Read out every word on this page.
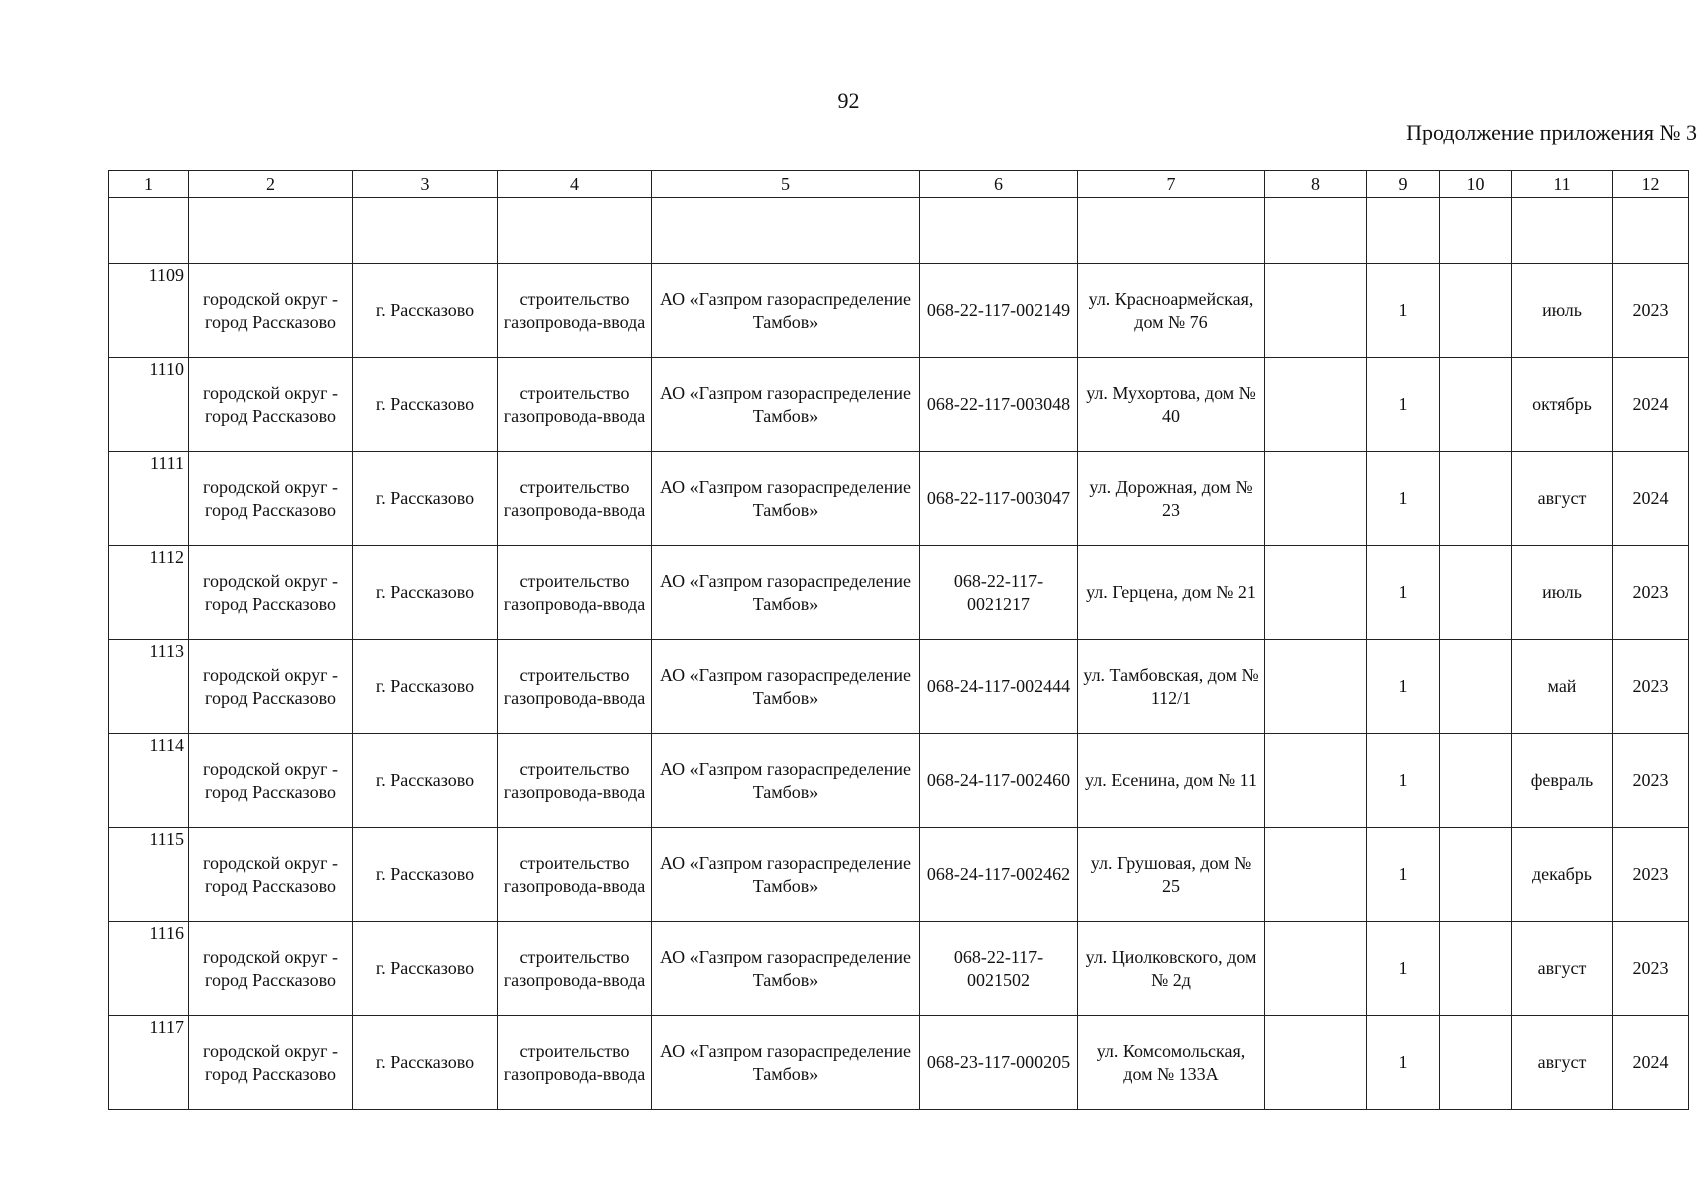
92
Продолжение приложения № 3
1	2	3	4	5	6	7	8	9	10	11	12

1109	городской округ - город Рассказово	г. Рассказово	строительство газопровода-ввода	АО «Газпром газораспределение Тамбов»	068-22-117-002149	ул. Красноармейская, дом № 76		1		июль	2023
1110	городской округ - город Рассказово	г. Рассказово	строительство газопровода-ввода	АО «Газпром газораспределение Тамбов»	068-22-117-003048	ул. Мухортова, дом № 40		1		октябрь	2024
1111	городской округ - город Рассказово	г. Рассказово	строительство газопровода-ввода	АО «Газпром газораспределение Тамбов»	068-22-117-003047	ул. Дорожная, дом № 23		1		август	2024
1112	городской округ - город Рассказово	г. Рассказово	строительство газопровода-ввода	АО «Газпром газораспределение Тамбов»	068-22-117-0021217	ул. Герцена, дом № 21		1		июль	2023
1113	городской округ - город Рассказово	г. Рассказово	строительство газопровода-ввода	АО «Газпром газораспределение Тамбов»	068-24-117-002444	ул. Тамбовская, дом № 112/1		1		май	2023
1114	городской округ - город Рассказово	г. Рассказово	строительство газопровода-ввода	АО «Газпром газораспределение Тамбов»	068-24-117-002460	ул. Есенина, дом № 11		1		февраль	2023
1115	городской округ - город Рассказово	г. Рассказово	строительство газопровода-ввода	АО «Газпром газораспределение Тамбов»	068-24-117-002462	ул. Грушовая, дом № 25		1		декабрь	2023
1116	городской округ - город Рассказово	г. Рассказово	строительство газопровода-ввода	АО «Газпром газораспределение Тамбов»	068-22-117-0021502	ул. Циолковского, дом № 2д		1		август	2023
1117	городской округ - город Рассказово	г. Рассказово	строительство газопровода-ввода	АО «Газпром газораспределение Тамбов»	068-23-117-000205	ул. Комсомольская, дом № 133А		1		август	2024
